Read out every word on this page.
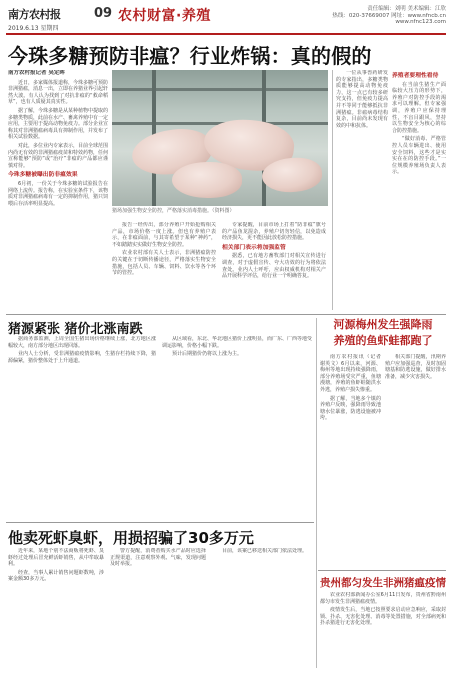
南方农村报
2019.6.13 星期四
09 农村财富·养殖	责任编辑：刘明 美术编辑：江欣
热线：020-37669007 网址：www.nfncb.cn
www.nfnc123.com
今珠多糖预防非瘟？行业炸锅：真的假的
南方农村报记者 吴定晖

近日，多家媒体报道称，今珠多糖可预防非洲猪瘟，消息一出，立即在养猪业界引起轩然大波。有人认为找到了对抗非瘟的“救命稻草”，也有人质疑其真实性。

据了解，今珠多糖是从某种植物中提取的多糖类物质，此前在水产、畜禽养殖中有一定应用，主要用于提高动物免疫力。部分企业宣称其对非洲猪瘟病毒具有抑制作用，并发布了相关试验数据。

对此，多位业内专家表示，目前全球范围内尚无有效的非洲猪瘟疫苗和特效药物，任何宣称能够“预防”或“治疗”非瘟的产品都应谨慎对待。

今珠多糖被曝出防非瘟效果

6月初，一份关于今珠多糖的试验报告在网络上流传。报告称，在实验室条件下，该物质对非洲猪瘟病毒有一定的抑制作用，猪只饲喂后存活率明显提高。

猪场加强生物安全防控，严格落实消毒措施。（资料图）

报告一经传出，部分养殖户开始抢购相关产品，市场价格一度上涨。但也有养殖户表示，在非瘟面前，与其寄希望于某种“神药”，不如踏踏实实做好生物安全防控。

农业农村部有关人士表示，非洲猪瘟防控的关键在于切断传播途径，严格落实生物安全措施，包括人员、车辆、饲料、饮水等各个环节的管控。

专家提醒，目前市场上打着“防非瘟”旗号的产品鱼龙混杂，养殖户切勿轻信，以免造成经济损失，更不能因此放松防控措施。

相关部门表示将加强监管

据悉，已有地方畜牧部门对相关宣传进行调查，对于虚假宣传、夸大功效的行为将依法查处。业内人士呼吁，应由权威机构对相关产品开展科学评估，给行业一个明确答复。

一位从事兽药研发的专家指出，多糖类物质能够提高动物免疫力，这一点已有较多研究支持，但免疫力提高并不等同于能够抵抗非洲猪瘟。非瘟病毒结构复杂，目前尚未发现有效的中和抗体。

养殖者要理性看待

在当前生猪生产面临较大压力的形势下，养殖户对防控手段的渴求可以理解。但专家强调，养殖户应保持理性，不盲目跟风，坚持以生物安全为核心的综合防控措施。

“做好消毒、严格管控人员车辆进出、使用安全饲料，这些才是实实在在的防控手段。”一位规模养殖场负责人表示。

猪源紧张 猪价北涨南跌

据商务部监测，上周全国生猪出场价格继续上涨，北方地区涨幅较大，南方部分地区出现回落。

业内人士分析，受非洲猪瘟疫情影响，生猪存栏持续下降，猪源偏紧，猪价整体处于上升通道。

从区域看，东北、华北地区猪价上涨明显，而广东、广西等地受调运影响，价格小幅下跌。

预计后期猪价仍将以上涨为主。

河源梅州发生强降雨
养殖的鱼虾蛙都跑了

南方农村报讯（记者 谢英文）6月以来，河源、梅州等地出现持续强降雨，部分养殖场受灾严重，鱼塘漫塘，养殖的鱼虾蛙随洪水外逃，养殖户损失惨重。

据了解，当地多个镇的养殖户反映，强降雨导致池塘水位暴涨，防逃设施被冲垮。

相关部门提醒，汛期养殖户应加强巡查，及时加固塘基和防逃设施，做好排水准备，减少灾害损失。

他卖死虾臭虾，用损招骗了30多万元

近年来，某地个别不法商贩将死虾、臭虾经过处理后冒充鲜活虾销售，从中牟取暴利。

经查，当事人累计销售问题虾数吨，涉案金额30多万元。

警方提醒，消费者购买水产品时应选择正规渠道，注意观察外观、气味，发现问题及时举报。

目前，该案已移送相关部门依法处理。

贵州都匀发生非洲猪瘟疫情

农业农村部新闻办公室6月11日发布，贵州省黔南州都匀市发生非洲猪瘟疫情。

疫情发生后，当地已按照要求启动应急响应，采取封锁、扑杀、无害化处理、消毒等处置措施，对全部病死和扑杀猪进行无害化处理。
